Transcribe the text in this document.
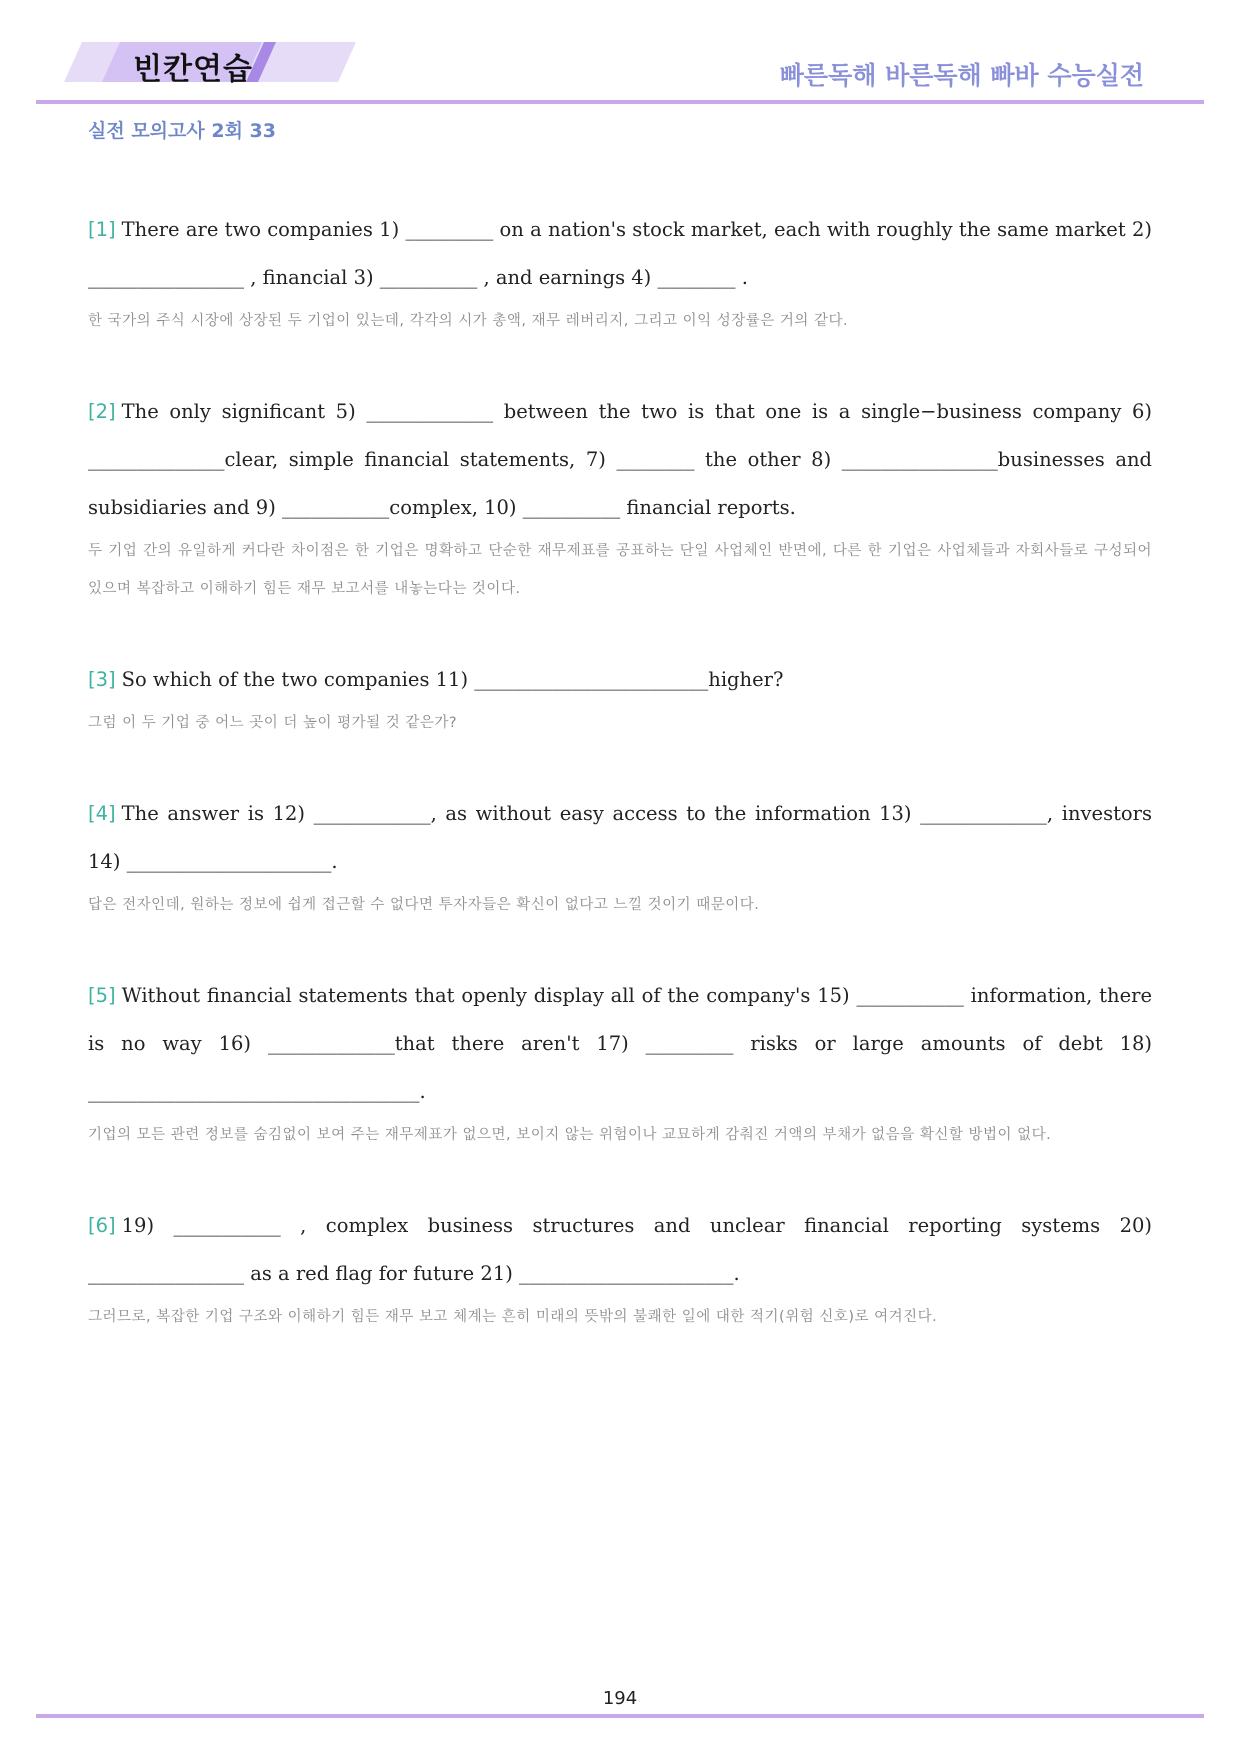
빈칸연습	빠른독해 바른독해 빠바 수능실전
실전 모의고사 2회 33

[1] There are two companies 1) _________ on a nation's stock market, each with roughly the same market 2) ________________ , financial 3) __________ , and earnings 4) ________ .

한 국가의 주식 시장에 상장된 두 기업이 있는데, 각각의 시가 총액, 재무 레버리지, 그리고 이익 성장률은 거의 같다.

[2] The only significant 5) _____________ between the two is that one is a single−business company 6) ______________clear, simple financial statements, 7) ________ the other 8) ________________businesses and subsidiaries and 9) ___________complex, 10) __________ financial reports.

두 기업 간의 유일하게 커다란 차이점은 한 기업은 명확하고 단순한 재무제표를 공표하는 단일 사업체인 반면에, 다른 한 기업은 사업체들과 자회사들로 구성되어 있으며 복잡하고 이해하기 힘든 재무 보고서를 내놓는다는 것이다.

[3] So which of the two companies 11) ________________________higher?

그럼 이 두 기업 중 어느 곳이 더 높이 평가될 것 같은가?

[4] The answer is 12) ____________, as without easy access to the information 13) _____________, investors 14) _____________________.

답은 전자인데, 원하는 정보에 쉽게 접근할 수 없다면 투자자들은 확신이 없다고 느낄 것이기 때문이다.

[5] Without financial statements that openly display all of the company's 15) ___________ information, there is no way 16) _____________that there aren't 17) _________ risks or large amounts of debt 18) __________________________________.

기업의 모든 관련 정보를 숨김없이 보여 주는 재무제표가 없으면, 보이지 않는 위험이나 교묘하게 감춰진 거액의 부채가 없음을 확신할 방법이 없다.

[6] 19) ___________ , complex business structures and unclear financial reporting systems 20) ________________ as a red flag for future 21) ______________________.

그러므로, 복잡한 기업 구조와 이해하기 힘든 재무 보고 체계는 흔히 미래의 뜻밖의 불쾌한 일에 대한 적기(위험 신호)로 여겨진다.

194
